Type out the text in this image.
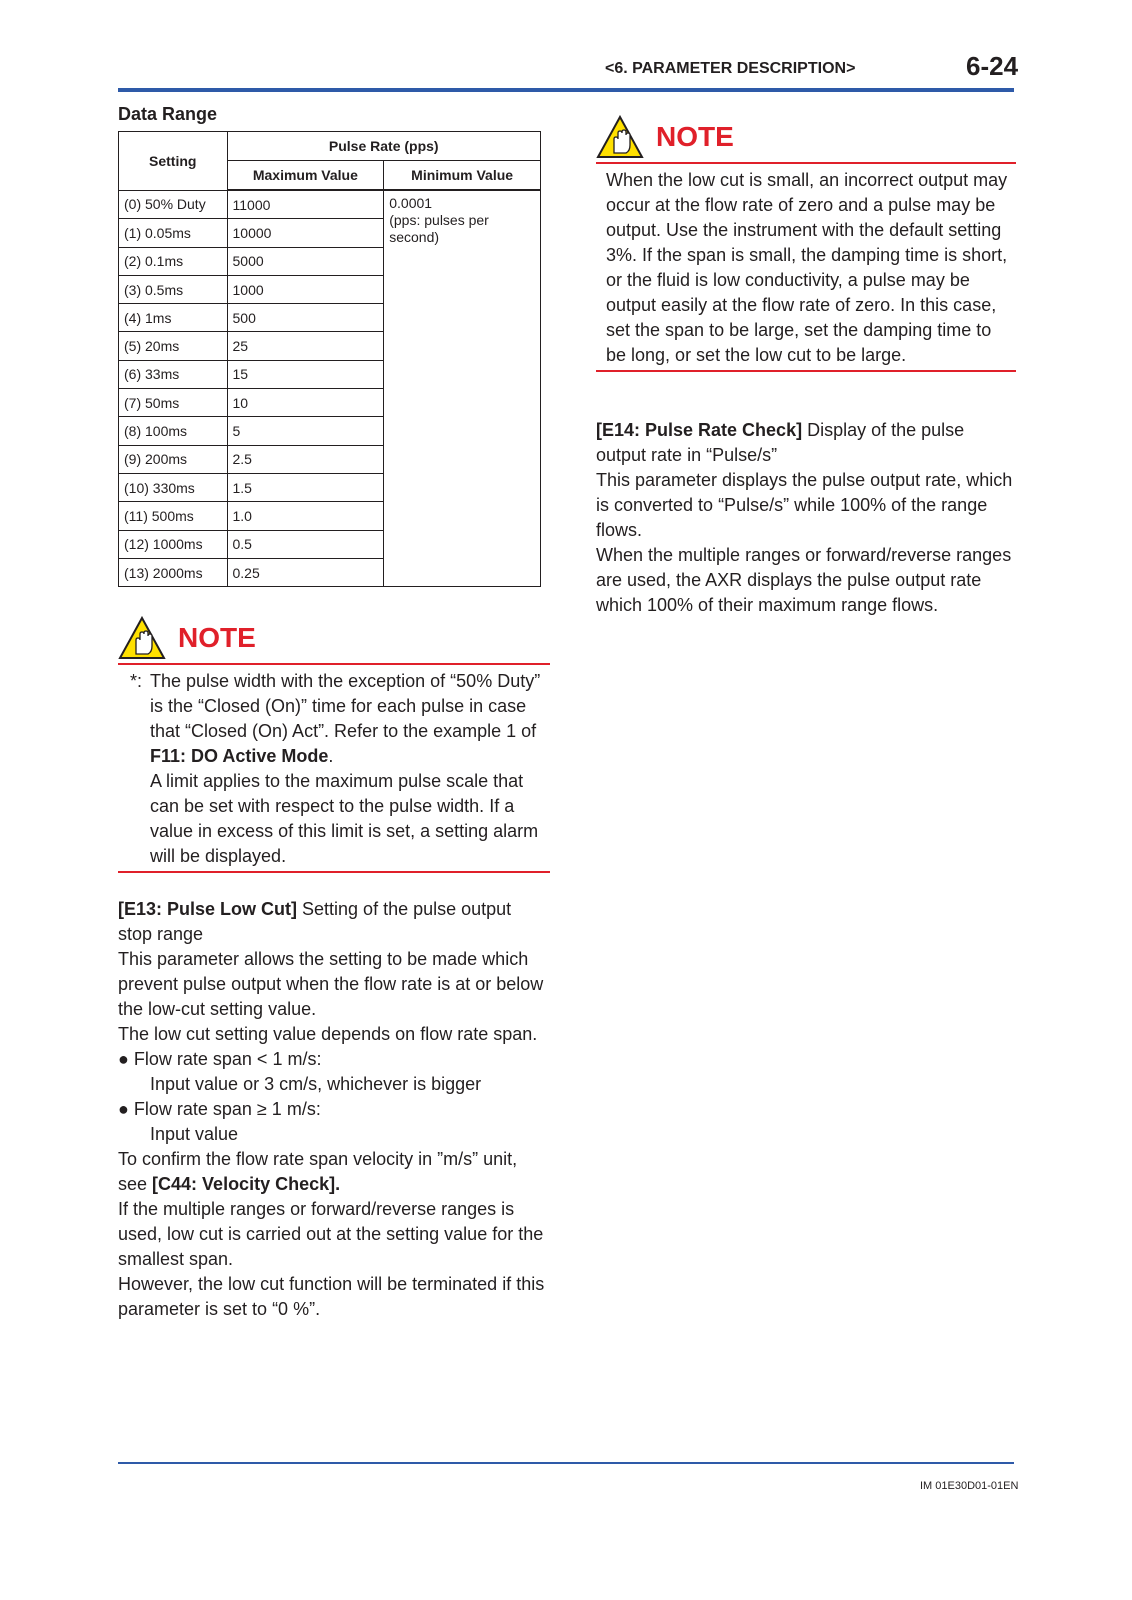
<6. PARAMETER DESCRIPTION>	6-24
Data Range
Setting	Pulse Rate (pps)	
	Maximum Value	Minimum Value
(0) 50% Duty	11000	0.0001
(pps: pulses per second)

(1) 0.05ms	10000	
(2) 0.1ms	5000	
(3) 0.5ms	1000	
(4) 1ms	500	
(5) 20ms	25	
(6) 33ms	15	
(7) 50ms	10	
(8) 100ms	5	
(9) 200ms	2.5	
(10) 330ms	1.5	
(11) 500ms	1.0	
(12) 1000ms	0.5	
(13) 2000ms	0.25	
NOTE
*: The pulse width with the exception of “50% Duty” is the “Closed (On)” time for each pulse in case that “Closed (On) Act”. Refer to the example 1 of F11: DO Active Mode.

A limit applies to the maximum pulse scale that can be set with respect to the pulse width. If a value in excess of this limit is set, a setting alarm will be displayed.

[E13: Pulse Low Cut] Setting of the pulse output stop range

This parameter allows the setting to be made which prevent pulse output when the flow rate is at or below the low-cut setting value.

The low cut setting value depends on flow rate span.

● Flow rate span < 1 m/s:

Input value or 3 cm/s, whichever is bigger

● Flow rate span ≥ 1 m/s:

Input value

To confirm the flow rate span velocity in ”m/s” unit, see [C44: Velocity Check].

If the multiple ranges or forward/reverse ranges is used, low cut is carried out at the setting value for the smallest span.

However, the low cut function will be terminated if this parameter is set to “0 %”.

NOTE

When the low cut is small, an incorrect output may occur at the flow rate of zero and a pulse may be output. Use the instrument with the default setting 3%. If the span is small, the damping time is short, or the fluid is low conductivity, a pulse may be output easily at the flow rate of zero. In this case, set the span to be large, set the damping time to be long, or set the low cut to be large.

[E14: Pulse Rate Check] Display of the pulse output rate in “Pulse/s”

This parameter displays the pulse output rate, which is converted to “Pulse/s” while 100% of the range flows.

When the multiple ranges or forward/reverse ranges are used, the AXR displays the pulse output rate which 100% of their maximum range flows.

IM 01E30D01-01EN
